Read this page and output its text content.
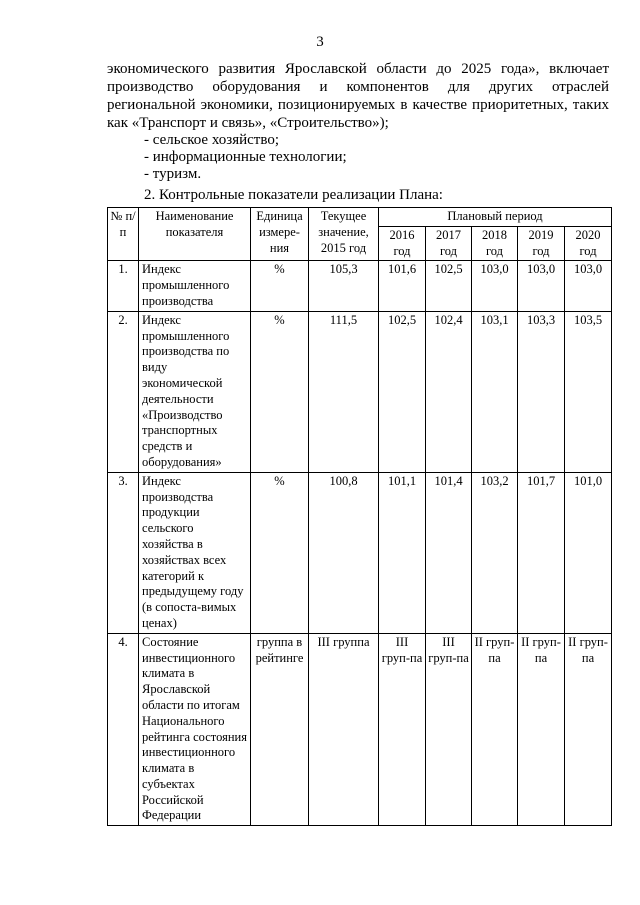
3
экономического развития Ярославской области до 2025 года», включает
производство оборудования и компонентов для других отраслей
региональной экономики, позиционируемых в качестве приоритетных, таких
как «Транспорт и связь», «Строительство»);
- сельское хозяйство;
- информационные технологии;
- туризм.
2. Контрольные показатели реализации Плана:
№ п/п	Наименование показателя	Единица измере-ния	Текущее значение, 2015 год	Плановый период				
				2016 год	2017 год	2018 год	2019 год	2020 год
1.	Индекс промышленного производства	%	105,3	101,6	102,5	103,0	103,0	103,0
2.	Индекс промышленного производства по виду экономической деятельности «Производство транспортных средств и оборудования»	%	111,5	102,5	102,4	103,1	103,3	103,5
3.	Индекс производства продукции сельского хозяйства в хозяйствах всех категорий к предыдущему году (в сопоста-вимых ценах)	%	100,8	101,1	101,4	103,2	101,7	101,0
4.	Состояние инвестиционного климата в Ярославской области по итогам Национального рейтинга состояния инвестиционного климата в субъектах Российской Федерации	группа в рейтинге	III группа	III груп-па	III груп-па	II груп-па	II груп-па	II груп-па
